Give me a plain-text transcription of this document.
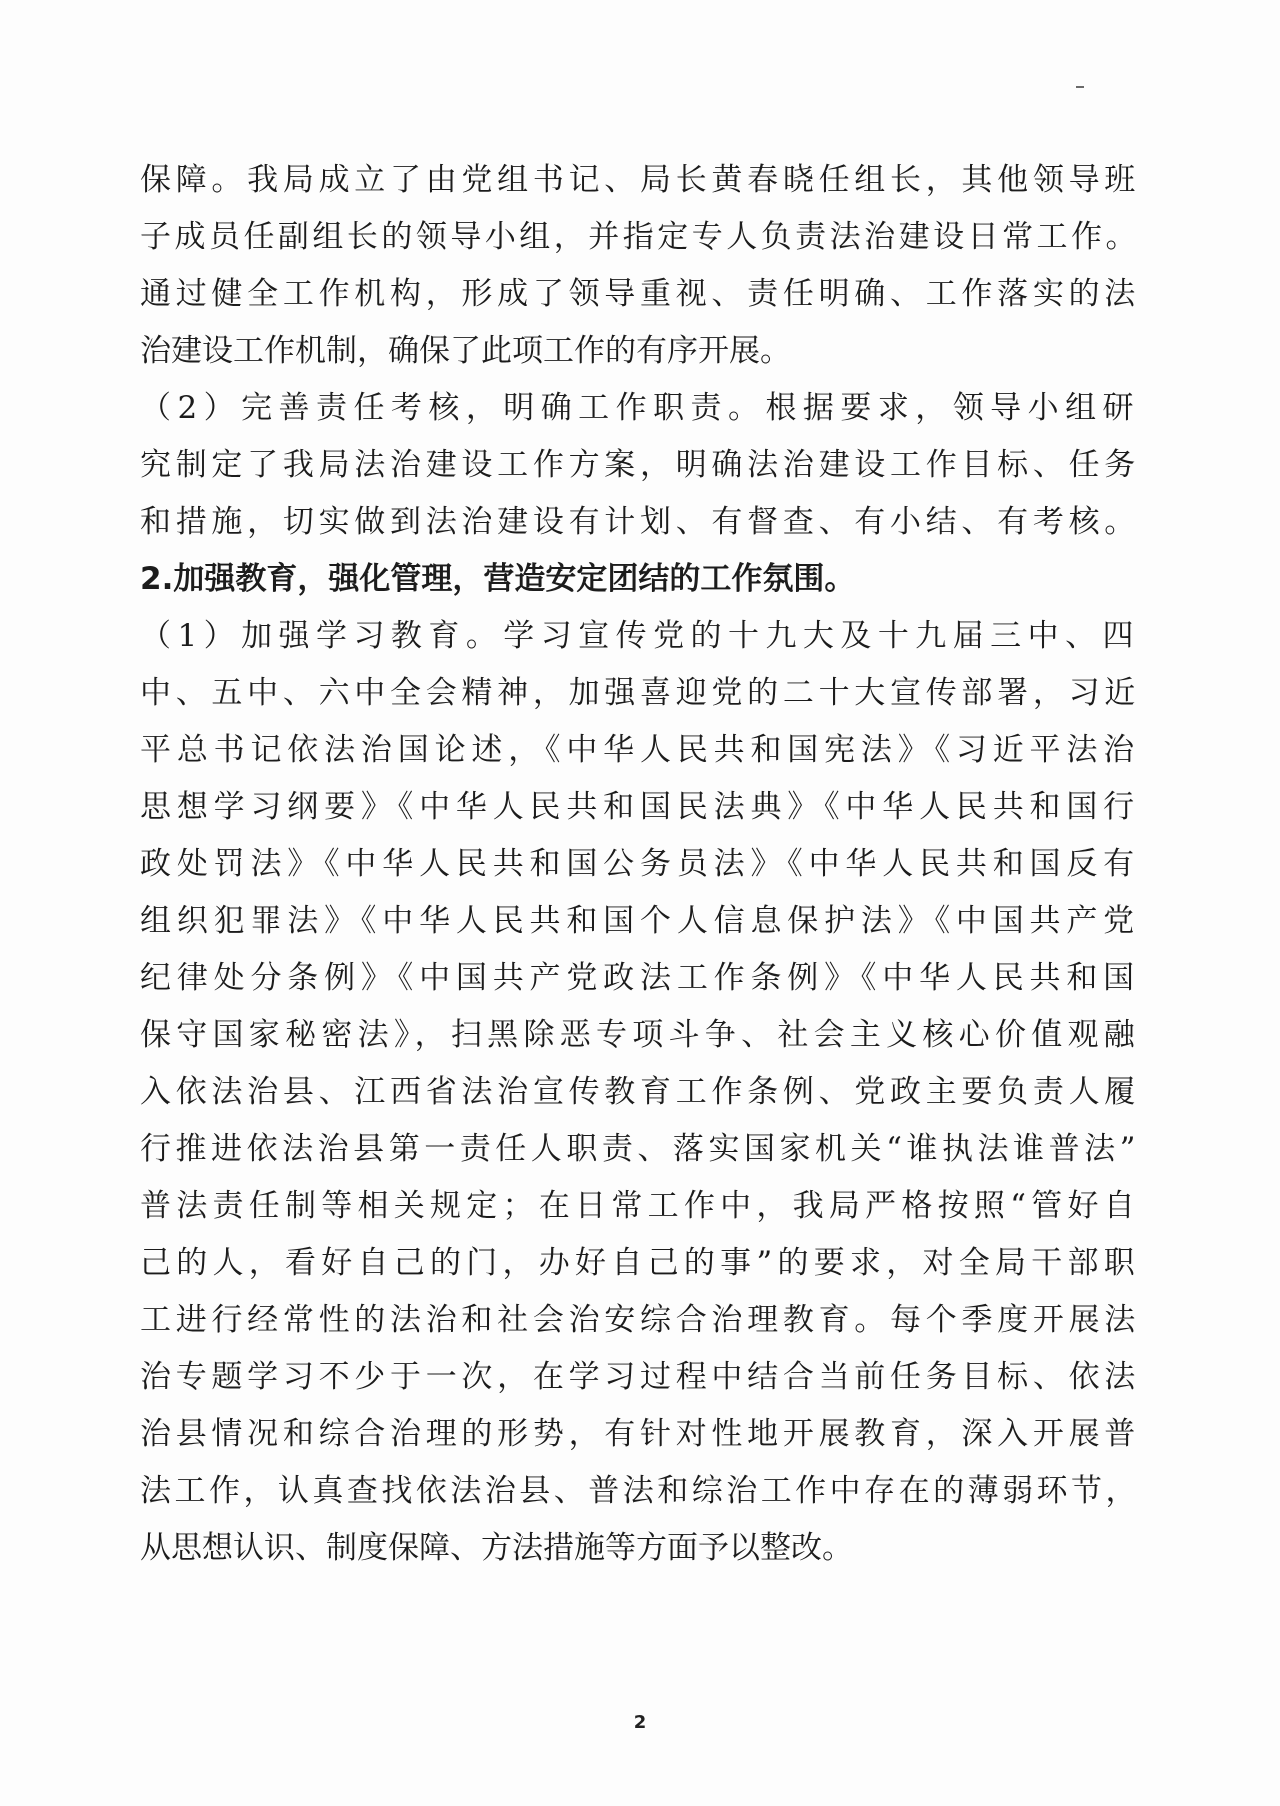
保障。我局成立了由党组书记、局长黄春晓任组长，其他领导班
子成员任副组长的领导小组，并指定专人负责法治建设日常工作。
通过健全工作机构，形成了领导重视、责任明确、工作落实的法
治建设工作机制，确保了此项工作的有序开展。
（2）完善责任考核，明确工作职责。根据要求，领导小组研
究制定了我局法治建设工作方案，明确法治建设工作目标、任务
和措施，切实做到法治建设有计划、有督查、有小结、有考核。
2.加强教育，强化管理，营造安定团结的工作氛围。
（1）加强学习教育。学习宣传党的十九大及十九届三中、四
中、五中、六中全会精神，加强喜迎党的二十大宣传部署，习近
平总书记依法治国论述，《中华人民共和国宪法》《习近平法治
思想学习纲要》《中华人民共和国民法典》《中华人民共和国行
政处罚法》《中华人民共和国公务员法》《中华人民共和国反有
组织犯罪法》《中华人民共和国个人信息保护法》《中国共产党
纪律处分条例》《中国共产党政法工作条例》《中华人民共和国
保守国家秘密法》，扫黑除恶专项斗争、社会主义核心价值观融
入依法治县、江西省法治宣传教育工作条例、党政主要负责人履
行推进依法治县第一责任人职责、落实国家机关“谁执法谁普法”
普法责任制等相关规定；在日常工作中，我局严格按照“管好自
己的人，看好自己的门，办好自己的事”的要求，对全局干部职
工进行经常性的法治和社会治安综合治理教育。每个季度开展法
治专题学习不少于一次，在学习过程中结合当前任务目标、依法
治县情况和综合治理的形势，有针对性地开展教育，深入开展普
法工作，认真查找依法治县、普法和综治工作中存在的薄弱环节，
从思想认识、制度保障、方法措施等方面予以整改。
2
